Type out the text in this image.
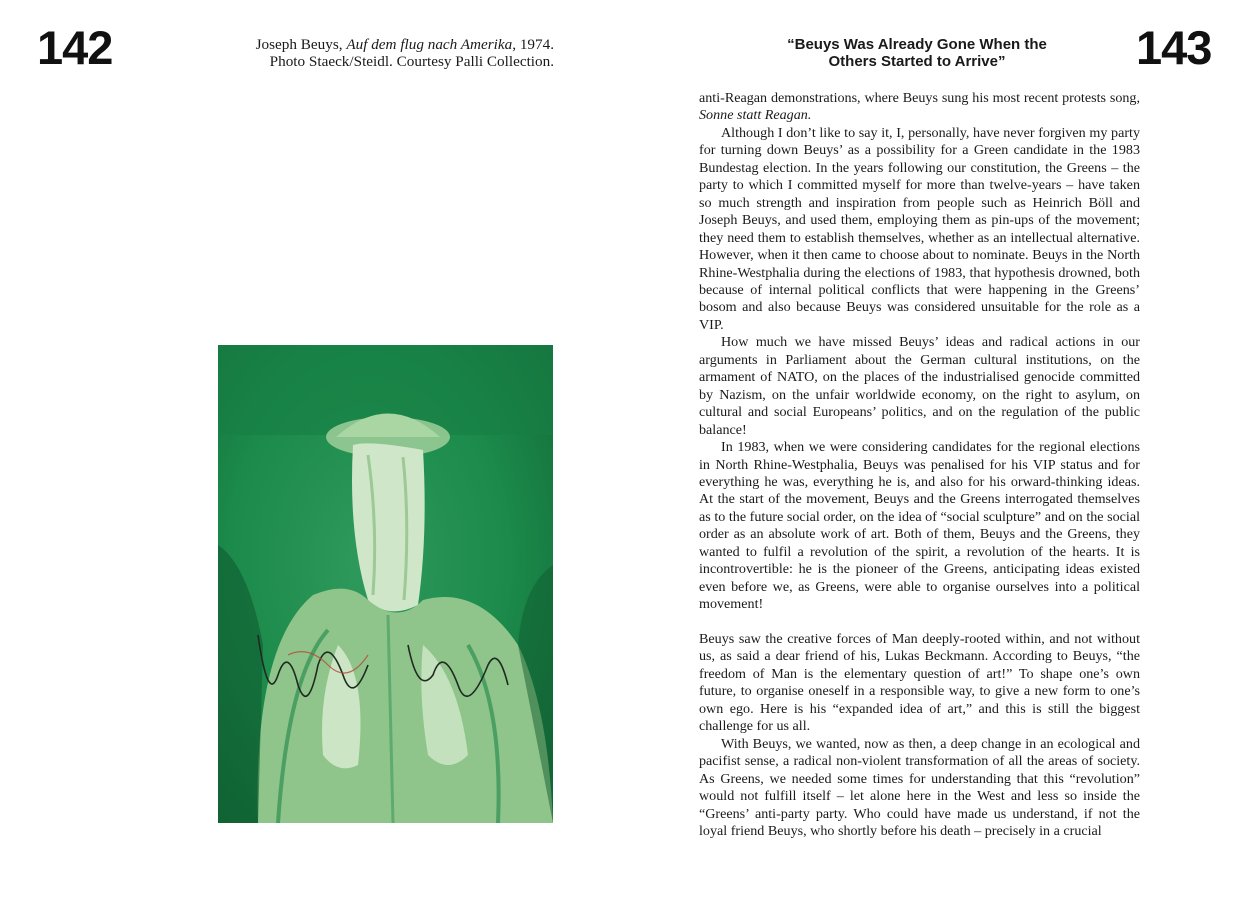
142	143
Joseph Beuys, Auf dem flug nach Amerika, 1974.
Photo Staeck/Steidl. Courtesy Palli Collection.
“Beuys Was Already Gone When the
Others Started to Arrive”

anti-Reagan demonstrations, where Beuys sung his most recent protests song, Sonne statt Reagan.

Although I don’t like to say it, I, personally, have never forgiven my party for turning down Beuys’ as a possibility for a Green candidate in the 1983 Bundestag election. In the years following our constitution, the Greens – the party to which I committed myself for more than twelve-years – have taken so much strength and inspiration from people such as Heinrich Böll and Joseph Beuys, and used them, employing them as pin-ups of the movement; they need them to establish themselves, whether as an intellectual alternative. However, when it then came to choose about to nominate. Beuys in the North Rhine-Westphalia during the elections of 1983, that hypothesis drowned, both because of internal political conflicts that were happening in the Greens’ bosom and also because Beuys was considered unsuitable for the role as a VIP.

How much we have missed Beuys’ ideas and radical actions in our arguments in Parliament about the German cultural institutions, on the armament of NATO, on the places of the industrialised genocide committed by Nazism, on the unfair worldwide economy, on the right to asylum, on cultural and social Europeans’ politics, and on the regulation of the public balance!

In 1983, when we were considering candidates for the regional elections in North Rhine-Westphalia, Beuys was penalised for his VIP status and for everything he was, everything he is, and also for his orward-thinking ideas. At the start of the movement, Beuys and the Greens interrogated themselves as to the future social order, on the idea of “social sculpture” and on the social order as an absolute work of art. Both of them, Beuys and the Greens, they wanted to fulfil a revolution of the spirit, a revolution of the hearts. It is incontrovertible: he is the pioneer of the Greens, anticipating ideas existed even before we, as Greens, were able to organise ourselves into a political movement!

Beuys saw the creative forces of Man deeply-rooted within, and not without us, as said a dear friend of his, Lukas Beckmann. According to Beuys, “the freedom of Man is the elementary question of art!” To shape one’s own future, to organise oneself in a responsible way, to give a new form to one’s own ego. Here is his “expanded idea of art,” and this is still the biggest challenge for us all.

With Beuys, we wanted, now as then, a deep change in an ecological and pacifist sense, a radical non-violent transformation of all the areas of society. As Greens, we needed some times for understanding that this “revolution” would not fulfill itself – let alone here in the West and less so inside the “Greens’ anti-party party. Who could have made us understand, if not the loyal friend Beuys, who shortly before his death – precisely in a crucial
